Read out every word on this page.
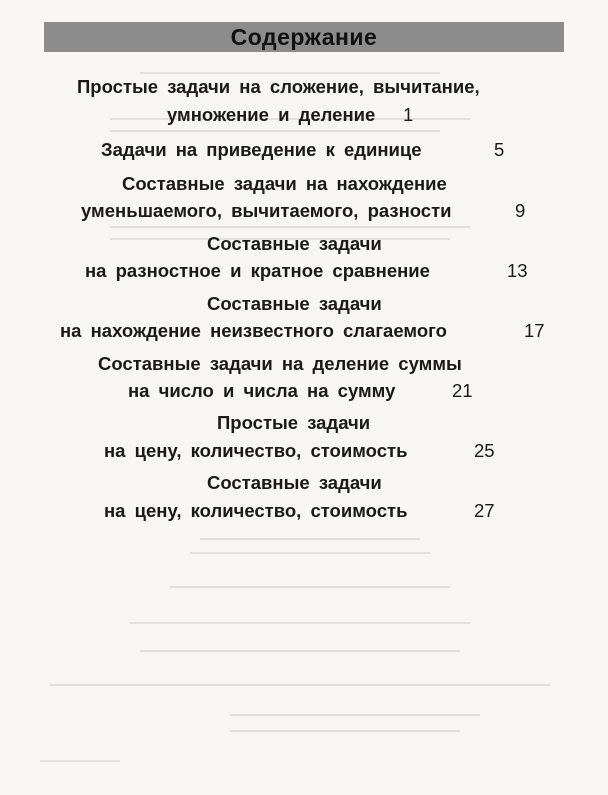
Содержание
Простые задачи на сложение, вычитание,
умножение и деление 1
Задачи на приведение к единице	5
Составные задачи на нахождение
уменьшаемого, вычитаемого, разности	9
Составные задачи
на разностное и кратное сравнение	13
Составные задачи
на нахождение неизвестного слагаемого	17
Составные задачи на деление суммы
на число и числа на сумму	21
Простые задачи
на цену, количество, стоимость	25
Составные задачи
на цену, количество, стоимость	27
